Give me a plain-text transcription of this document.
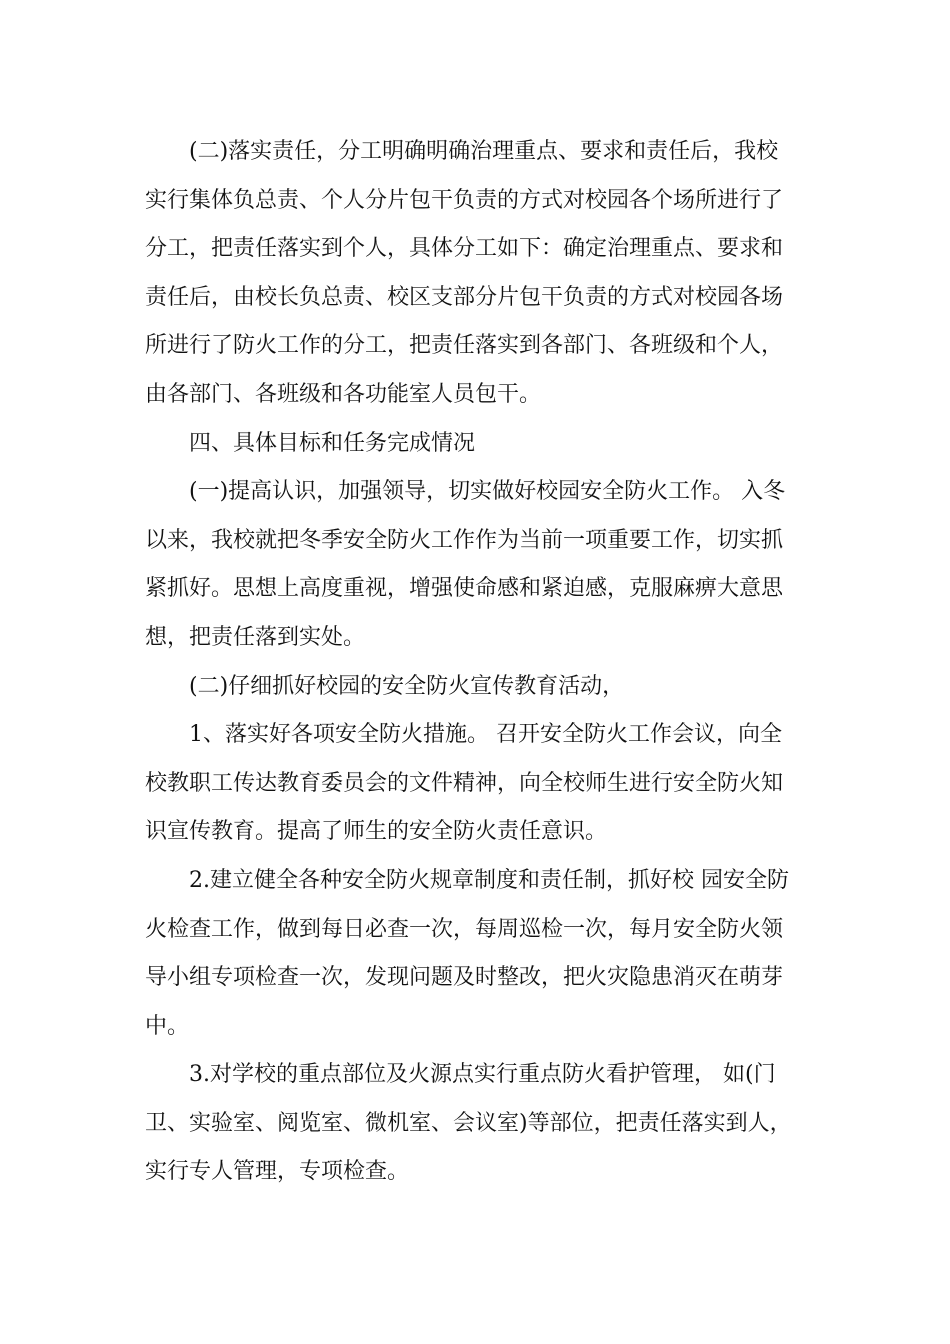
(二)落实责任，分工明确明确治理重点、要求和责任后，我校
实行集体负总责、个人分片包干负责的方式对校园各个场所进行了
分工，把责任落实到个人，具体分工如下：确定治理重点、要求和
责任后，由校长负总责、校区支部分片包干负责的方式对校园各场
所进行了防火工作的分工，把责任落实到各部门、各班级和个人，
由各部门、各班级和各功能室人员包干。

四、具体目标和任务完成情况

(一)提高认识，加强领导，切实做好校园安全防火工作。 入冬
以来，我校就把冬季安全防火工作作为当前一项重要工作，切实抓
紧抓好。思想上高度重视，增强使命感和紧迫感，克服麻痹大意思
想，把责任落到实处。

(二)仔细抓好校园的安全防火宣传教育活动，

1、落实好各项安全防火措施。 召开安全防火工作会议，向全
校教职工传达教育委员会的文件精神，向全校师生进行安全防火知
识宣传教育。提高了师生的安全防火责任意识。

2.建立健全各种安全防火规章制度和责任制，抓好校 园安全防
火检查工作，做到每日必查一次，每周巡检一次，每月安全防火领
导小组专项检查一次，发现问题及时整改，把火灾隐患消灭在萌芽
中。

3.对学校的重点部位及火源点实行重点防火看护管理， 如(门
卫、实验室、阅览室、微机室、会议室)等部位，把责任落实到人，
实行专人管理，专项检查。
